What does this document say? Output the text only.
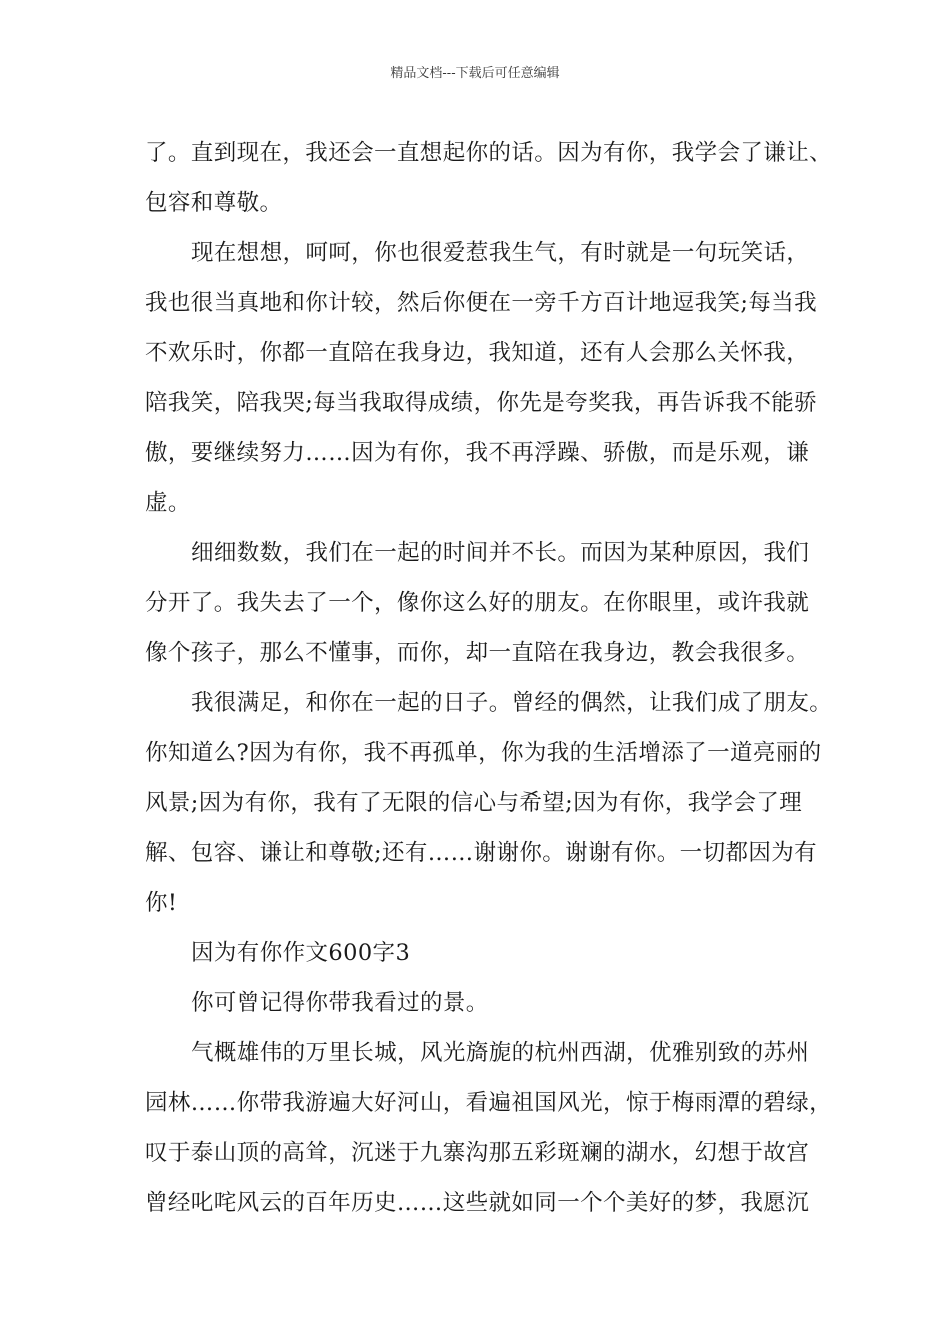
精品文档---下载后可任意编辑
了。直到现在，我还会一直想起你的话。因为有你，我学会了谦让、
包容和尊敬。
现在想想，呵呵，你也很爱惹我生气，有时就是一句玩笑话，
我也很当真地和你计较，然后你便在一旁千方百计地逗我笑;每当我
不欢乐时，你都一直陪在我身边，我知道，还有人会那么关怀我，
陪我笑，陪我哭;每当我取得成绩，你先是夸奖我，再告诉我不能骄
傲，要继续努力……因为有你，我不再浮躁、骄傲，而是乐观，谦
虚。
细细数数，我们在一起的时间并不长。而因为某种原因，我们
分开了。我失去了一个，像你这么好的朋友。在你眼里，或许我就
像个孩子，那么不懂事，而你，却一直陪在我身边，教会我很多。
我很满足，和你在一起的日子。曾经的偶然，让我们成了朋友。
你知道么?因为有你，我不再孤单，你为我的生活增添了一道亮丽的
风景;因为有你，我有了无限的信心与希望;因为有你，我学会了理
解、包容、谦让和尊敬;还有……谢谢你。谢谢有你。一切都因为有
你!
因为有你作文600字3
你可曾记得你带我看过的景。
气概雄伟的万里长城，风光旖旎的杭州西湖，优雅别致的苏州
园林……你带我游遍大好河山，看遍祖国风光，惊于梅雨潭的碧绿，
叹于泰山顶的高耸，沉迷于九寨沟那五彩斑斓的湖水，幻想于故宫
曾经叱咤风云的百年历史……这些就如同一个个美好的梦，我愿沉
